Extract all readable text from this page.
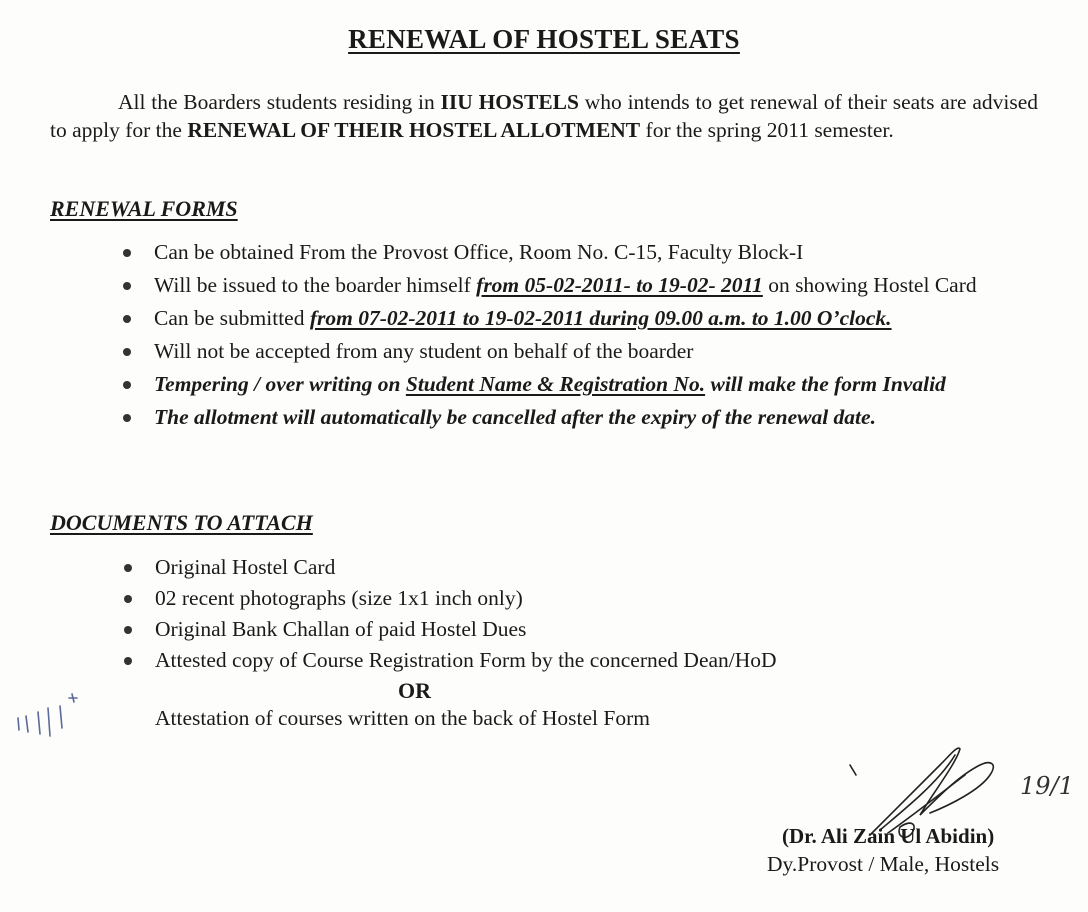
RENEWAL OF HOSTEL SEATS
All the Boarders students residing in IIU HOSTELS who intends to get renewal of their seats are advised to apply for the RENEWAL OF THEIR HOSTEL ALLOTMENT for the spring 2011 semester.
RENEWAL FORMS
Can be obtained From the Provost Office, Room No. C-15, Faculty Block-I
Will be issued to the boarder himself from 05-02-2011- to 19-02- 2011 on showing Hostel Card
Can be submitted from 07-02-2011 to 19-02-2011 during 09.00 a.m. to 1.00 O’clock.
Will not be accepted from any student on behalf of the boarder
Tempering / over writing on Student Name & Registration No. will make the form Invalid
The allotment will automatically be cancelled after the expiry of the renewal date.
DOCUMENTS TO ATTACH
Original Hostel Card
02 recent photographs (size 1x1 inch only)
Original Bank Challan of paid Hostel Dues
Attested copy of Course Registration Form by the concerned Dean/HoD
OR
Attestation of courses written on the back of Hostel Form
19/1
(Dr. Ali Zain Ul Abidin)
Dy.Provost / Male, Hostels
